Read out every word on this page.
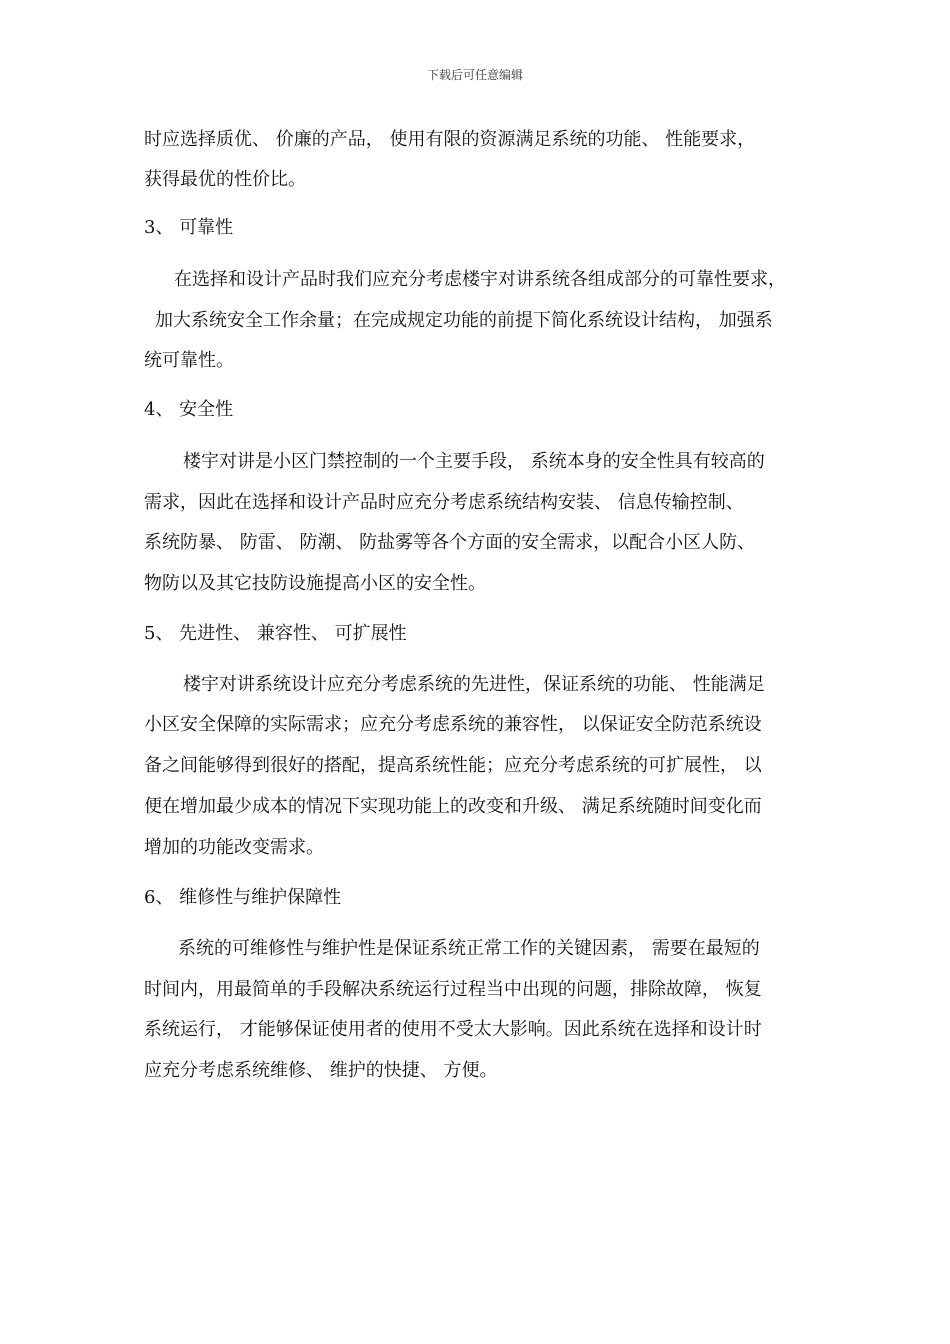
下载后可任意编辑
时应选择质优、 价廉的产品， 使用有限的资源满足系统的功能、 性能要求，
获得最优的性价比。
3、 可靠性
在选择和设计产品时我们应充分考虑楼宇对讲系统各组成部分的可靠性要求，
加大系统安全工作余量；在完成规定功能的前提下简化系统设计结构， 加强系
统可靠性。
4、 安全性
楼宇对讲是小区门禁控制的一个主要手段， 系统本身的安全性具有较高的
需求，因此在选择和设计产品时应充分考虑系统结构安装、 信息传输控制、
系统防暴、 防雷、 防潮、 防盐雾等各个方面的安全需求，以配合小区人防、
物防以及其它技防设施提高小区的安全性。
5、 先进性、 兼容性、 可扩展性
楼宇对讲系统设计应充分考虑系统的先进性，保证系统的功能、 性能满足
小区安全保障的实际需求；应充分考虑系统的兼容性， 以保证安全防范系统设
备之间能够得到很好的搭配，提高系统性能；应充分考虑系统的可扩展性， 以
便在增加最少成本的情况下实现功能上的改变和升级、 满足系统随时间变化而
增加的功能改变需求。
6、 维修性与维护保障性
系统的可维修性与维护性是保证系统正常工作的关键因素， 需要在最短的
时间内，用最简单的手段解决系统运行过程当中出现的问题，排除故障， 恢复
系统运行， 才能够保证使用者的使用不受太大影响。因此系统在选择和设计时
应充分考虑系统维修、 维护的快捷、 方便。
